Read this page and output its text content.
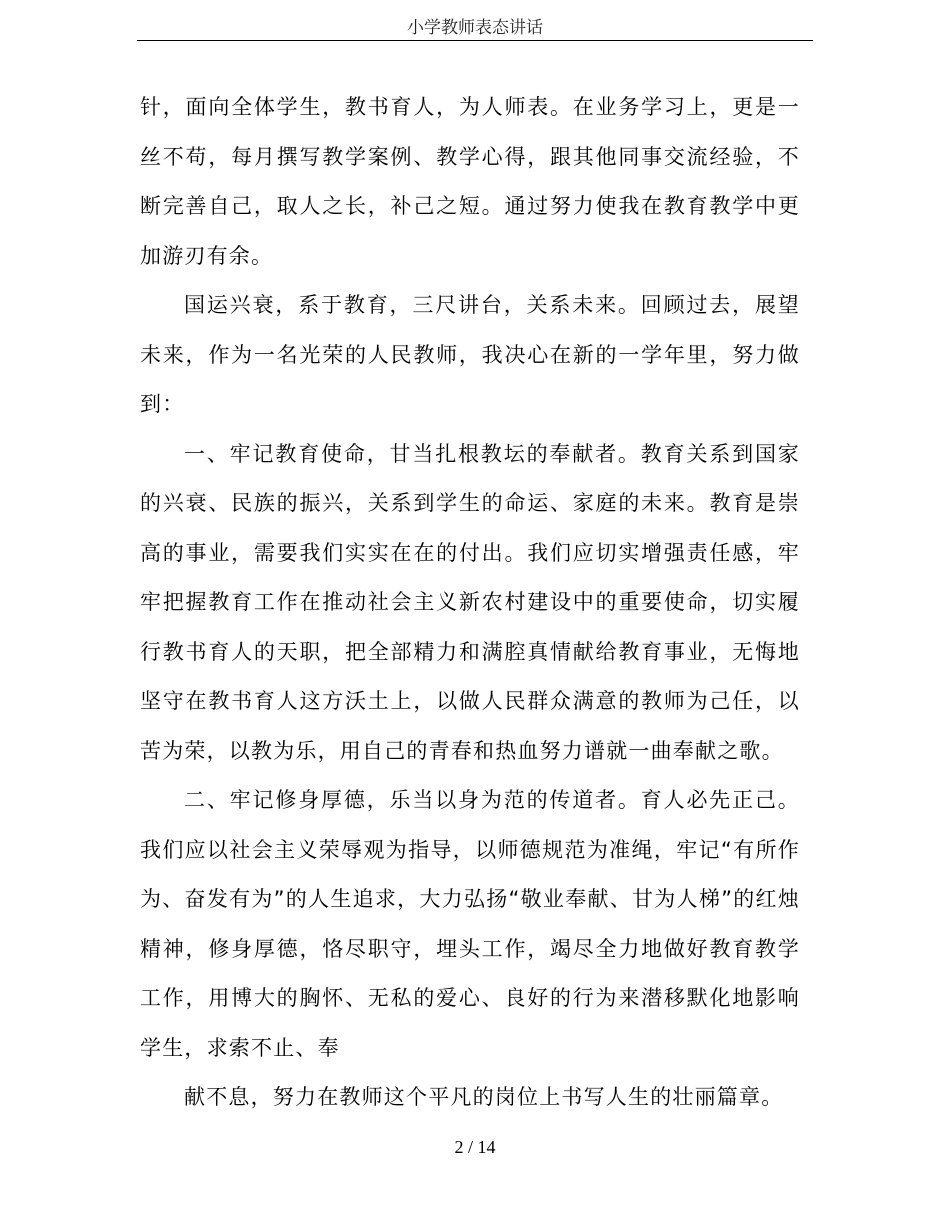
小学教师表态讲话

针，面向全体学生，教书育人，为人师表。在业务学习上，更是一丝不苟，每月撰写教学案例、教学心得，跟其他同事交流经验，不断完善自己，取人之长，补己之短。通过努力使我在教育教学中更加游刃有余。

国运兴衰，系于教育，三尺讲台，关系未来。回顾过去，展望未来，作为一名光荣的人民教师，我决心在新的一学年里，努力做到：

一、牢记教育使命，甘当扎根教坛的奉献者。教育关系到国家的兴衰、民族的振兴，关系到学生的命运、家庭的未来。教育是崇高的事业，需要我们实实在在的付出。我们应切实增强责任感，牢牢把握教育工作在推动社会主义新农村建设中的重要使命，切实履行教书育人的天职，把全部精力和满腔真情献给教育事业，无悔地坚守在教书育人这方沃土上，以做人民群众满意的教师为己任，以苦为荣，以教为乐，用自己的青春和热血努力谱就一曲奉献之歌。

二、牢记修身厚德，乐当以身为范的传道者。育人必先正己。我们应以社会主义荣辱观为指导，以师德规范为准绳，牢记“有所作为、奋发有为”的人生追求，大力弘扬“敬业奉献、甘为人梯”的红烛精神，修身厚德，恪尽职守，埋头工作，竭尽全力地做好教育教学工作，用博大的胸怀、无私的爱心、良好的行为来潜移默化地影响学生，求索不止、奉

献不息，努力在教师这个平凡的岗位上书写人生的壮丽篇章。

2 / 14
